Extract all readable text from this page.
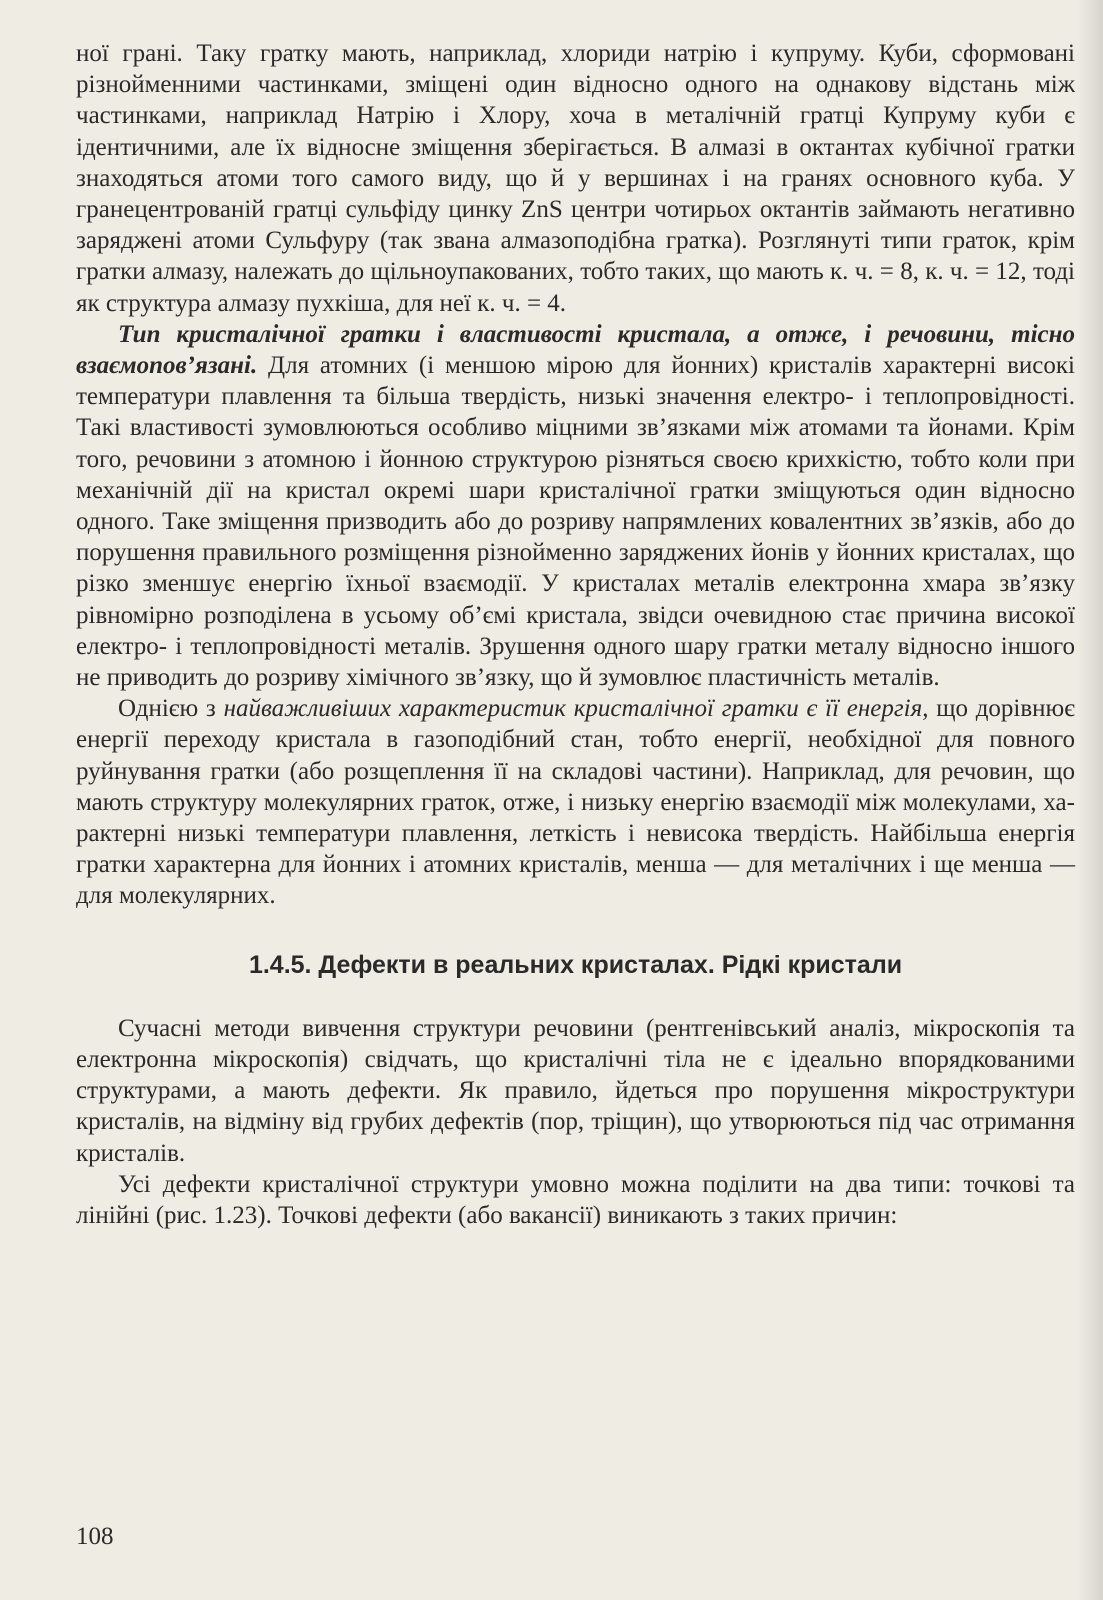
ної грані. Таку гратку мають, наприклад, хлориди натрію і купруму. Куби, сформовані різнойменними частинками, зміщені один відносно одного на однакову відстань між частинками, наприклад Натрію і Хлору, хоча в металічній гратці Купруму куби є ідентичними, але їх відносне зміщення зберігається. В алмазі в октантах кубічної гратки знаходяться атоми того самого виду, що й у вершинах і на гранях основного куба. У гранецентрованій гратці сульфіду цинку ZnS центри чотирьох октантів займають негативно заряджені атоми Сульфуру (так звана алмазоподібна гратка). Розглянуті типи граток, крім гратки алмазу, належать до щільноупакованих, тобто таких, що мають к. ч. = 8, к. ч. = 12, тоді як структура алмазу пухкіша, для неї к. ч. = 4.

Тип кристалічної гратки і властивості кристала, а отже, і речовини, тісно взаємопов’язані. Для атомних (і меншою мірою для йонних) кристалів характерні високі температури плавлення та більша твердість, низькі значення електро- і теплопровідності. Такі властивості зумовлюються особливо міцними зв’язками між атомами та йонами. Крім того, речовини з атомною і йонною структурою різняться своєю крихкістю, тобто коли при механічній дії на кристал окремі шари кристалічної гратки зміщуються один відносно одного. Таке зміщення призводить або до розриву напрямлених ковалентних зв’язків, або до порушення правильного розміщення різнойменно заряджених йонів у йонних кристалах, що різко зменшує енергію їхньої взаємодії. У кристалах металів електронна хмара зв’язку рівномірно розподілена в усьому об’ємі кристала, звідси очевидною стає причина високої електро- і теплопровідності металів. Зрушення одного шару гратки металу відносно іншого не приводить до розриву хімічного зв’язку, що й зумовлює пластичність металів.

Однією з найважливіших характеристик кристалічної гратки є її енергія, що дорівнює енергії переходу кристала в газоподібний стан, тобто енергії, необхідної для повного руйнування гратки (або розщеплення її на складові частини). Наприклад, для речовин, що мають структуру молекулярних граток, отже, і низьку енергію взаємодії між молекулами, характерні низькі температури плавлення, леткість і невисока твердість. Найбільша енергія гратки характерна для йонних і атомних кристалів, менша — для металічних і ще менша — для молекулярних.

1.4.5. Дефекти в реальних кристалах. Рідкі кристали

Сучасні методи вивчення структури речовини (рентгенівський аналіз, мікроскопія та електронна мікроскопія) свідчать, що кристалічні тіла не є ідеально впорядкованими структурами, а мають дефекти. Як правило, йдеться про порушення мікроструктури кристалів, на відміну від грубих дефектів (пор, тріщин), що утворюються під час отримання кристалів.

Усі дефекти кристалічної структури умовно можна поділити на два типи: точкові та лінійні (рис. 1.23). Точкові дефекти (або вакансії) виникають з таких причин:

108
